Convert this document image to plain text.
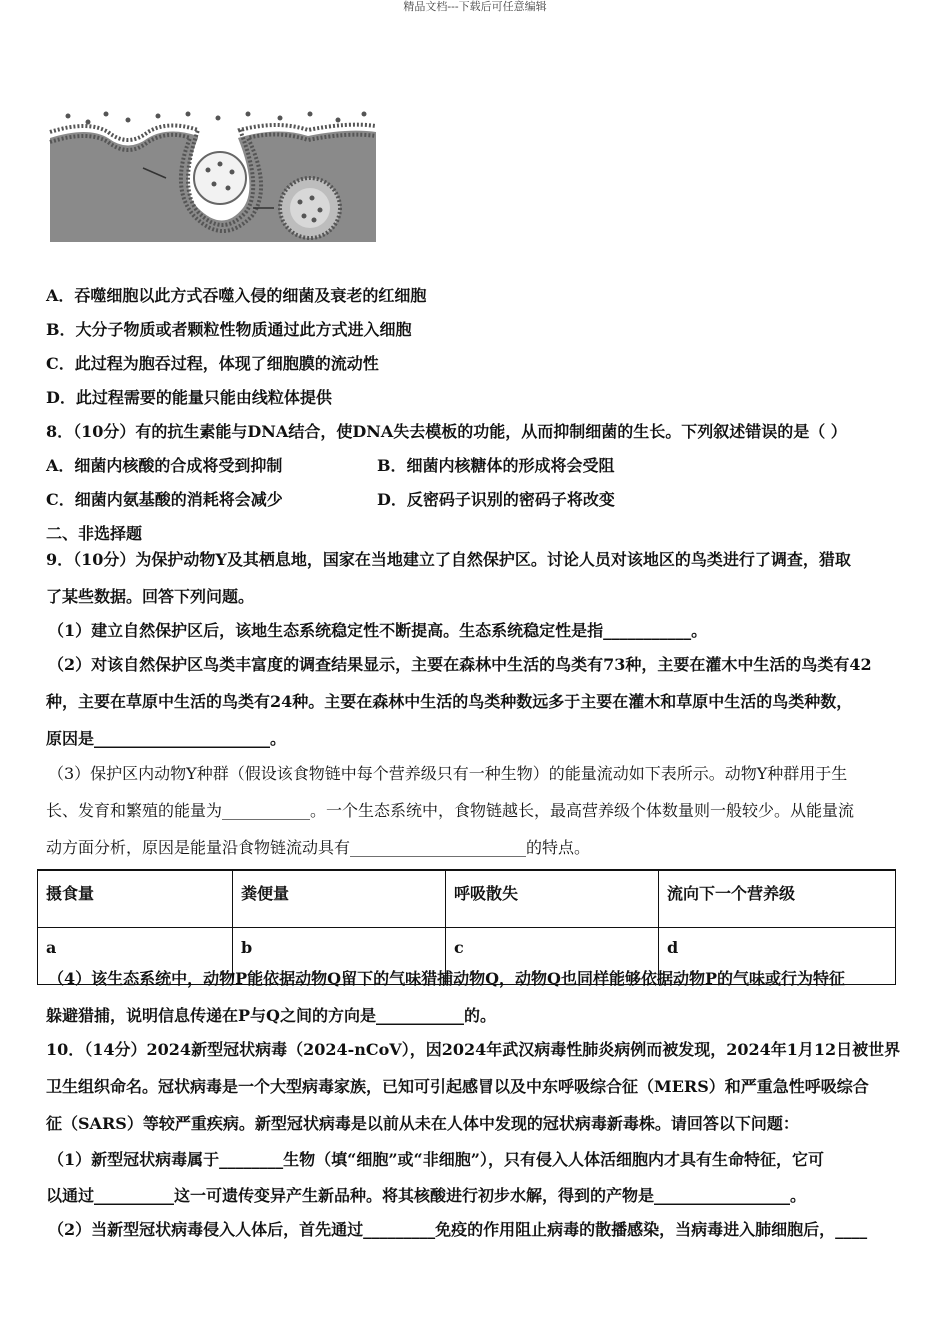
精品文档---下载后可任意编辑
A．吞噬细胞以此方式吞噬入侵的细菌及衰老的红细胞
B．大分子物质或者颗粒性物质通过此方式进入细胞
C．此过程为胞吞过程，体现了细胞膜的流动性
D．此过程需要的能量只能由线粒体提供
8．（10分）有的抗生素能与DNA结合，使DNA失去模板的功能，从而抑制细菌的生长。下列叙述错误的是（ ）
A．细菌内核酸的合成将受到抑制	B．细菌内核糖体的形成将会受阻
C．细菌内氨基酸的消耗将会减少	D．反密码子识别的密码子将改变
二、非选择题
9．（10分）为保护动物Y及其栖息地，国家在当地建立了自然保护区。讨论人员对该地区的鸟类进行了调查，猎取
了某些数据。回答下列问题。
（1）建立自然保护区后，该地生态系统稳定性不断提高。生态系统稳定性是指___________。
（2）对该自然保护区鸟类丰富度的调查结果显示，主要在森林中生活的鸟类有73种，主要在灌木中生活的鸟类有42
种，主要在草原中生活的鸟类有24种。主要在森林中生活的鸟类种数远多于主要在灌木和草原中生活的鸟类种数，
原因是______________________。
（3）保护区内动物Y种群（假设该食物链中每个营养级只有一种生物）的能量流动如下表所示。动物Y种群用于生
长、发育和繁殖的能量为___________。一个生态系统中，食物链越长，最高营养级个体数量则一般较少。从能量流
动方面分析，原因是能量沿食物链流动具有______________________的特点。
摄食量	粪便量	呼吸散失	流向下一个营养级
a	b	c	d
（4）该生态系统中，动物P能依据动物Q留下的气味猎捕动物Q，动物Q也同样能够依据动物P的气味或行为特征
躲避猎捕，说明信息传递在P与Q之间的方向是___________的。
10．（14分）2024新型冠状病毒（2024-nCoV），因2024年武汉病毒性肺炎病例而被发现，2024年1月12日被世界
卫生组织命名。冠状病毒是一个大型病毒家族，已知可引起感冒以及中东呼吸综合征（MERS）和严重急性呼吸综合
征（SARS）等较严重疾病。新型冠状病毒是以前从未在人体中发现的冠状病毒新毒株。请回答以下问题：
（1）新型冠状病毒属于________生物（填“细胞”或“非细胞”），只有侵入人体活细胞内才具有生命特征，它可
以通过__________这一可遗传变异产生新品种。将其核酸进行初步水解，得到的产物是_________________。
（2）当新型冠状病毒侵入人体后，首先通过_________免疫的作用阻止病毒的散播感染，当病毒进入肺细胞后，____
